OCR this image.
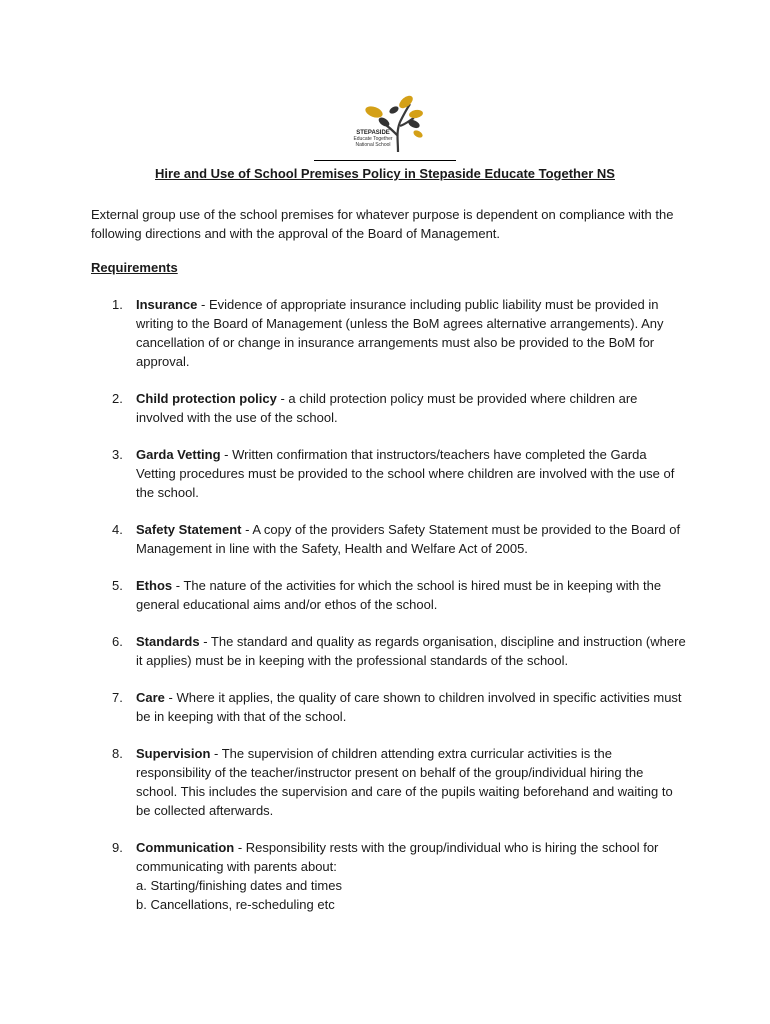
STEPASIDE
Educate Together
National School
Hire and Use of School Premises Policy in Stepaside Educate Together NS

External group use of the school premises for whatever purpose is dependent on compliance with the following directions and with the approval of the Board of Management.

Requirements
1. Insurance - Evidence of appropriate insurance including public liability must be provided in writing to the Board of Management (unless the BoM agrees alternative arrangements). Any cancellation of or change in insurance arrangements must also be provided to the BoM for approval.
2. Child protection policy - a child protection policy must be provided where children are involved with the use of the school.
3. Garda Vetting - Written confirmation that instructors/teachers have completed the Garda Vetting procedures must be provided to the school where children are involved with the use of the school.
4. Safety Statement - A copy of the providers Safety Statement must be provided to the Board of Management in line with the Safety, Health and Welfare Act of 2005.
5. Ethos - The nature of the activities for which the school is hired must be in keeping with the general educational aims and/or ethos of the school.
6. Standards - The standard and quality as regards organisation, discipline and instruction (where it applies) must be in keeping with the professional standards of the school.
7. Care - Where it applies, the quality of care shown to children involved in specific activities must be in keeping with that of the school.
8. Supervision - The supervision of children attending extra curricular activities is the responsibility of the teacher/instructor present on behalf of the group/individual hiring the school. This includes the supervision and care of the pupils waiting beforehand and waiting to be collected afterwards.
9. Communication - Responsibility rests with the group/individual who is hiring the school for communicating with parents about:
a. Starting/finishing dates and times
b. Cancellations, re-scheduling etc
